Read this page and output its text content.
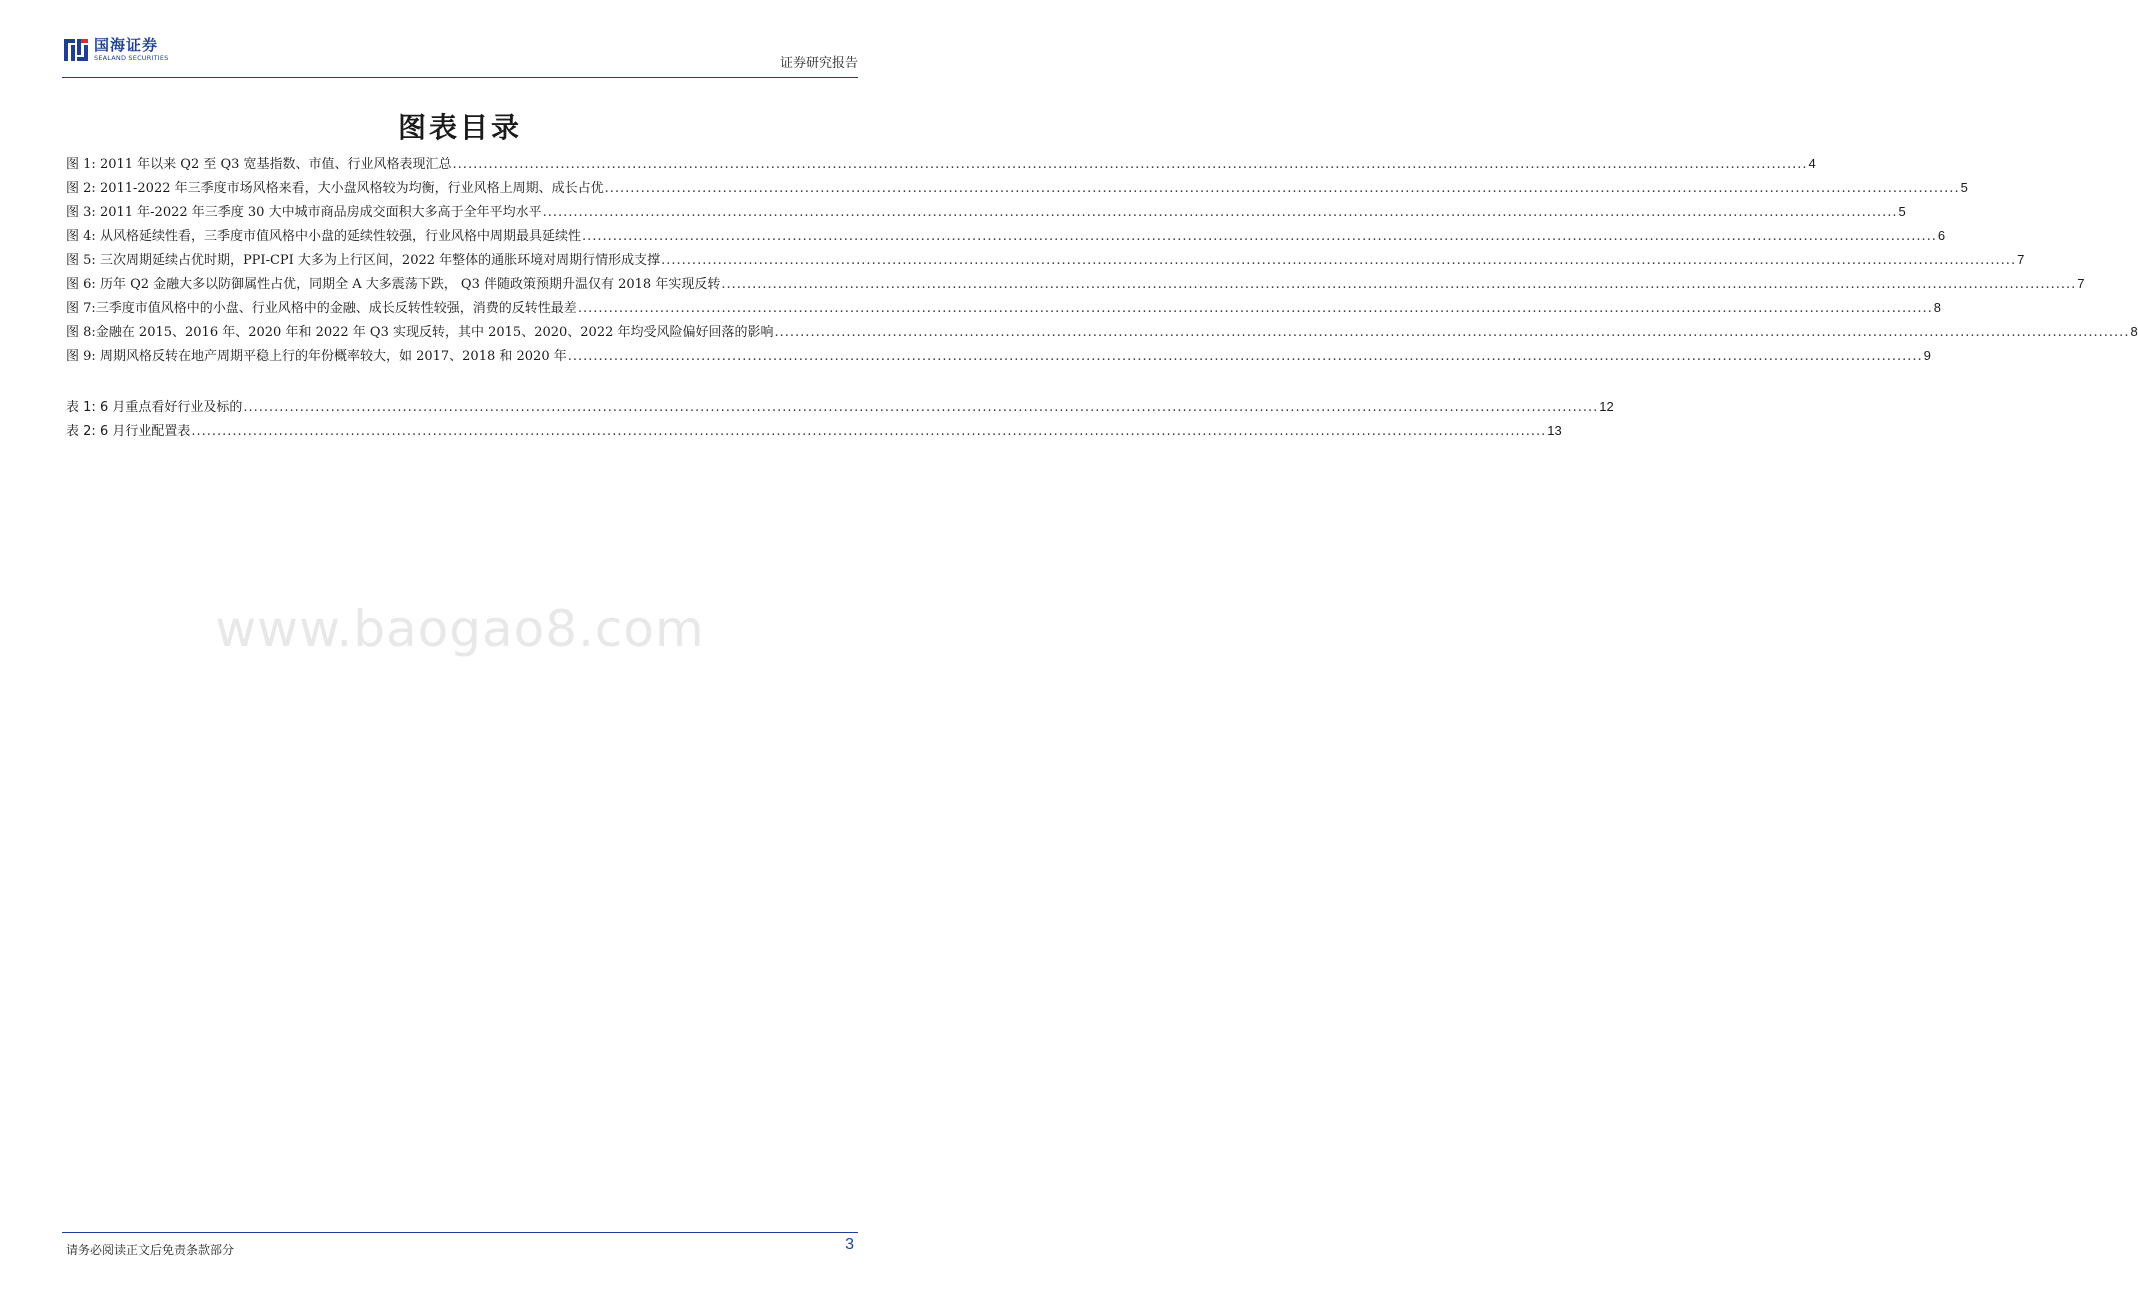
国海证券
SEALAND SECURITIES	证券研究报告
图表目录
图 1:
2011 年以来 Q2 至 Q3 宽基指数、市值、行业风格表现汇总 .....	4
图 2:
2011-2022 年三季度市场风格来看，大小盘风格较为均衡，行业风格上周期、成长占优 .....	5
图 3:
2011 年-2022 年三季度 30 大中城市商品房成交面积大多高于全年平均水平 .....	5
图 4:
从风格延续性看，三季度市值风格中小盘的延续性较强，行业风格中周期最具延续性 .....	6
图 5:
三次周期延续占优时期，PPI-CPI 大多为上行区间，2022 年整体的通胀环境对周期行情形成支撑 .....	7
图 6:
历年 Q2 金融大多以防御属性占优，同期全 A 大多震荡下跌， Q3 伴随政策预期升温仅有 2018 年实现反转 .....	7
图 7: 三季度市值风格中的小盘、行业风格中的金融、成长反转性较强，消费的反转性最差 .....	8
图 8: 金融在 2015、2016 年、2020 年和 2022 年 Q3 实现反转，其中 2015、2020、2022 年均受风险偏好回落的影响 .....	8
图 9:
周期风格反转在地产周期平稳上行的年份概率较大，如 2017、2018 和 2020 年 .....	9
表 1:
6 月重点看好行业及标的 .....	12
表 2:
6 月行业配置表 .....	13
www.baogao8.com
请务必阅读正文后免责条款部分	3
